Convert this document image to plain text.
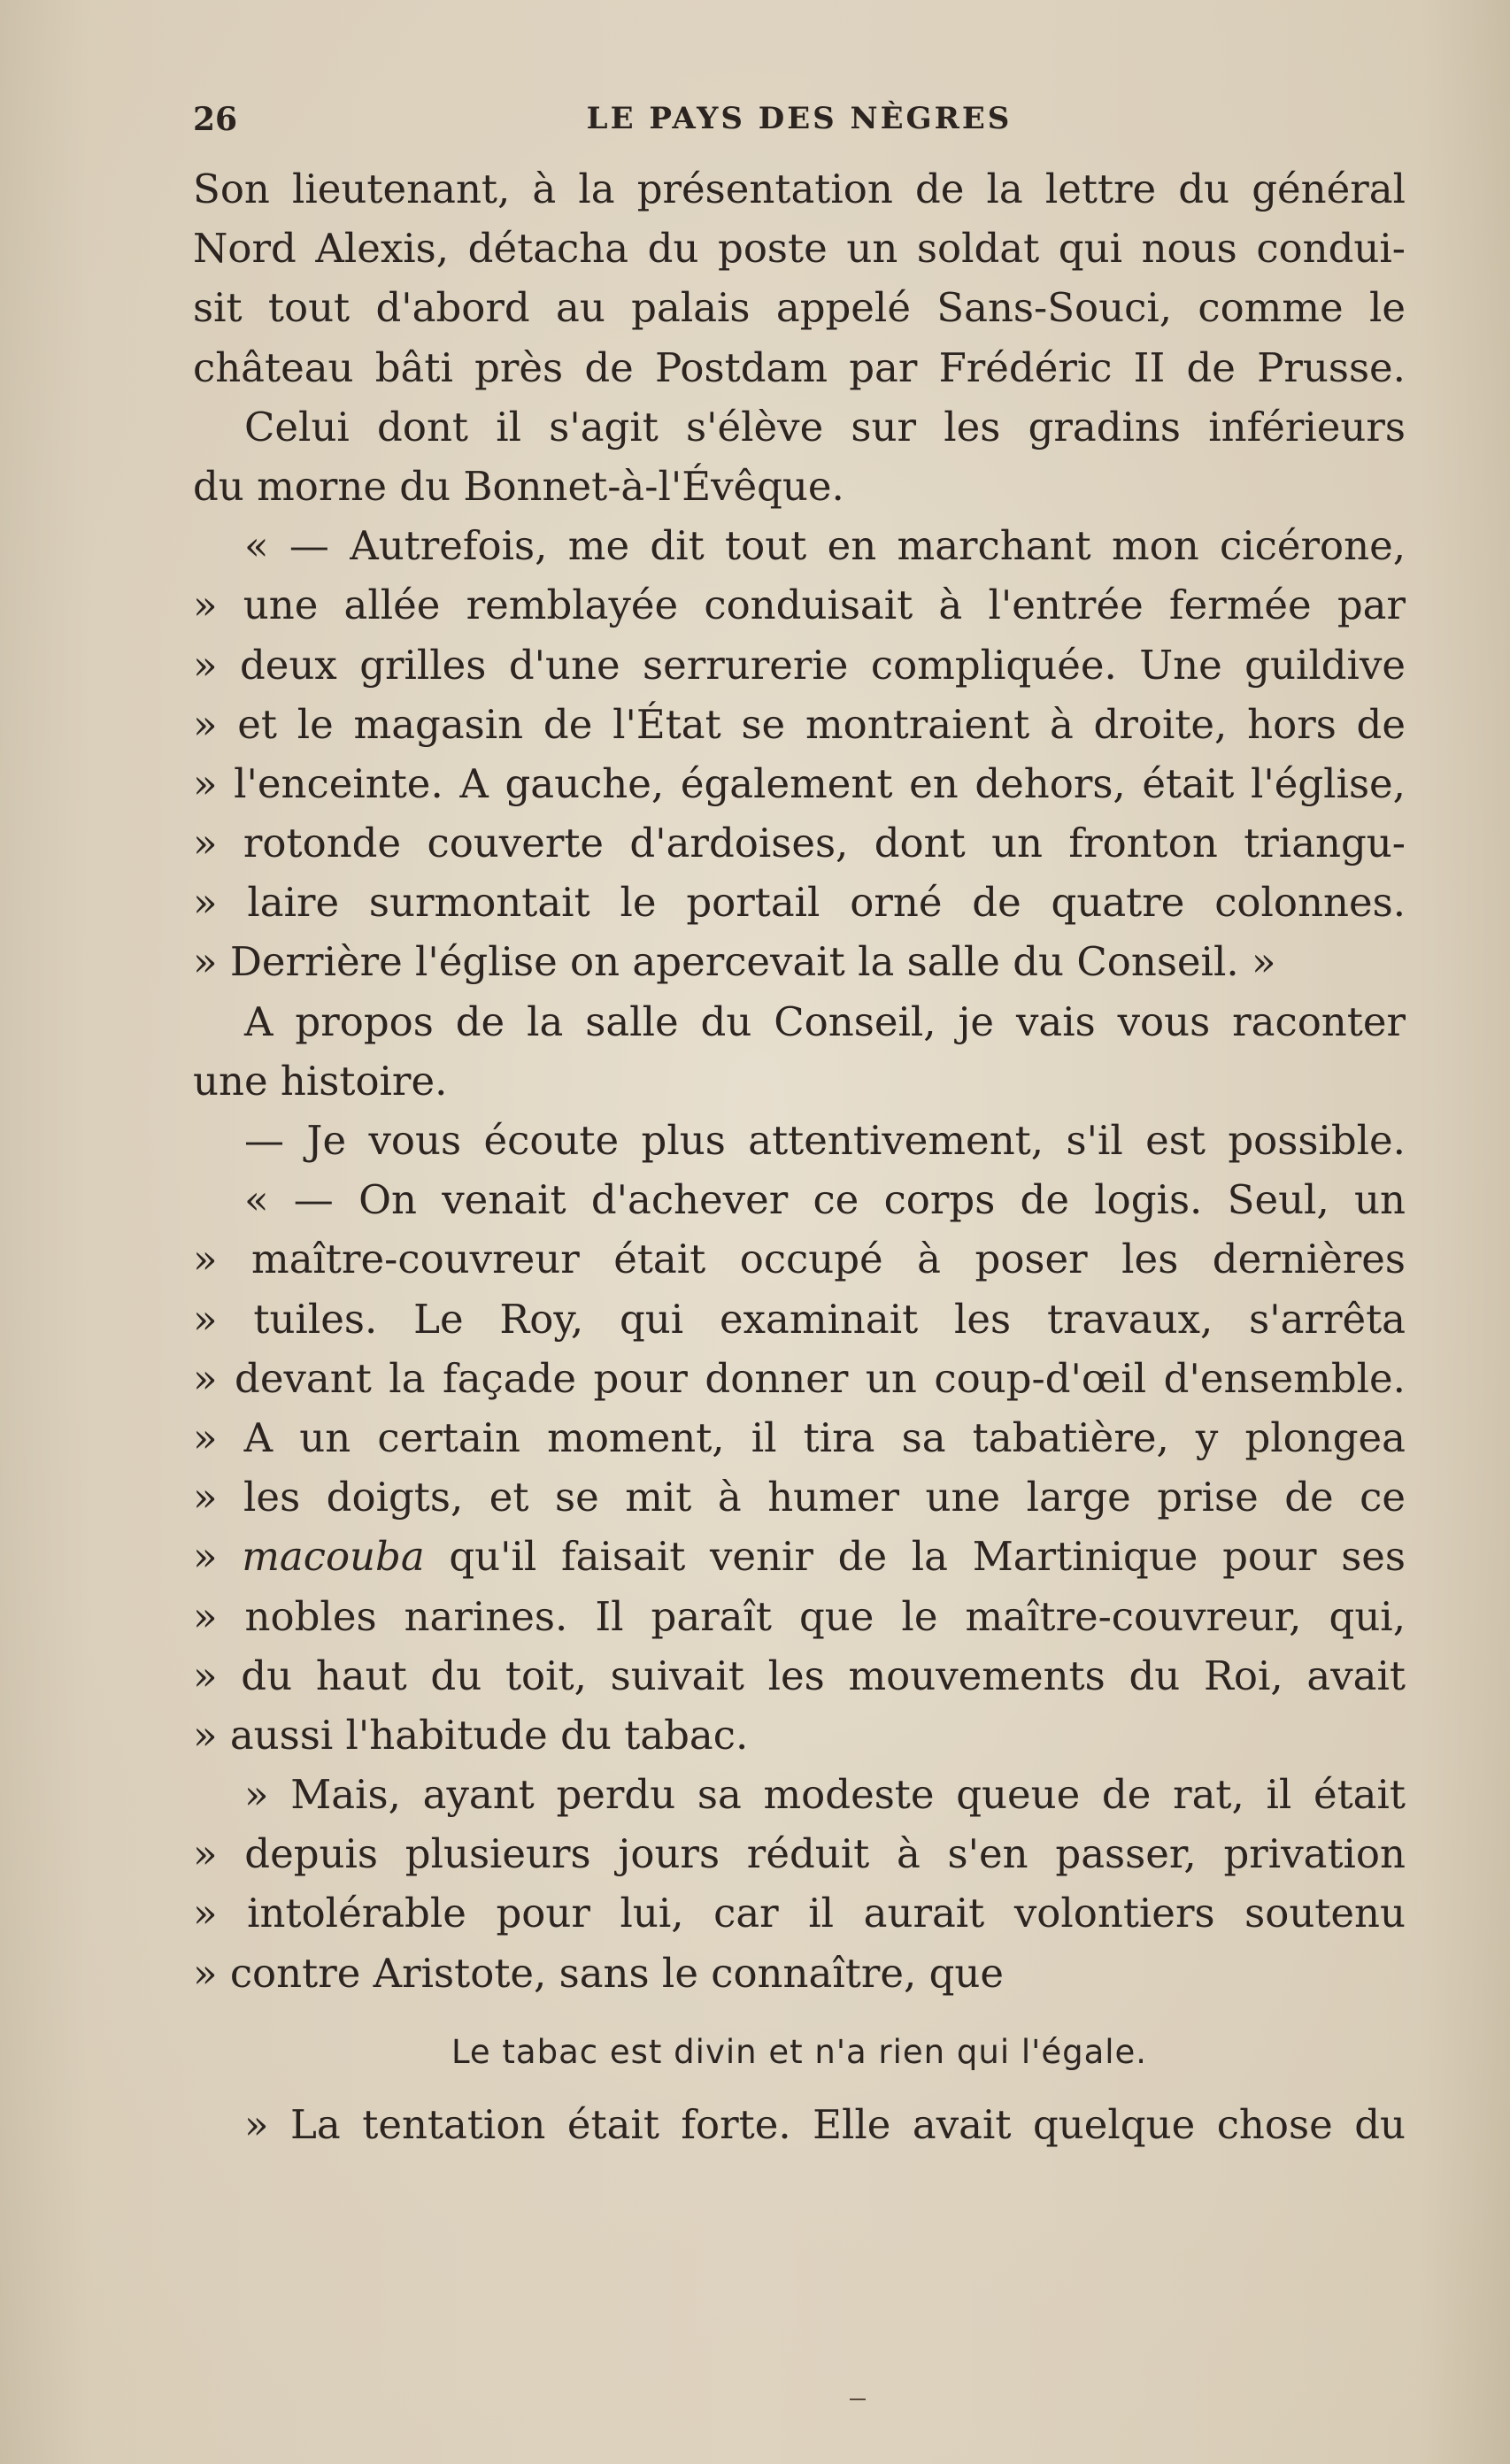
26	LE PAYS DES NÈGRES
Son lieutenant, à la présentation de la lettre du général
Nord Alexis, détacha du poste un soldat qui nous condui-
sit tout d'abord au palais appelé Sans-Souci, comme le
château bâti près de Postdam par Frédéric II de Prusse.
Celui dont il s'agit s'élève sur les gradins inférieurs
du morne du Bonnet-à-l'Évêque.
« — Autrefois, me dit tout en marchant mon cicérone,
» une allée remblayée conduisait à l'entrée fermée par
» deux grilles d'une serrurerie compliquée. Une guildive
» et le magasin de l'État se montraient à droite, hors de
» l'enceinte. A gauche, également en dehors, était l'église,
» rotonde couverte d'ardoises, dont un fronton triangu-
» laire surmontait le portail orné de quatre colonnes.
» Derrière l'église on apercevait la salle du Conseil. »
A propos de la salle du Conseil, je vais vous raconter
une histoire.
— Je vous écoute plus attentivement, s'il est possible.
« — On venait d'achever ce corps de logis. Seul, un
» maître-couvreur était occupé à poser les dernières
» tuiles. Le Roy, qui examinait les travaux, s'arrêta
» devant la façade pour donner un coup-d'œil d'ensemble.
» A un certain moment, il tira sa tabatière, y plongea
» les doigts, et se mit à humer une large prise de ce
» macouba qu'il faisait venir de la Martinique pour ses
» nobles narines. Il paraît que le maître-couvreur, qui,
» du haut du toit, suivait les mouvements du Roi, avait
» aussi l'habitude du tabac.
» Mais, ayant perdu sa modeste queue de rat, il était
» depuis plusieurs jours réduit à s'en passer, privation
» intolérable pour lui, car il aurait volontiers soutenu
» contre Aristote, sans le connaître, que
Le tabac est divin et n'a rien qui l'égale.
» La tentation était forte. Elle avait quelque chose du
